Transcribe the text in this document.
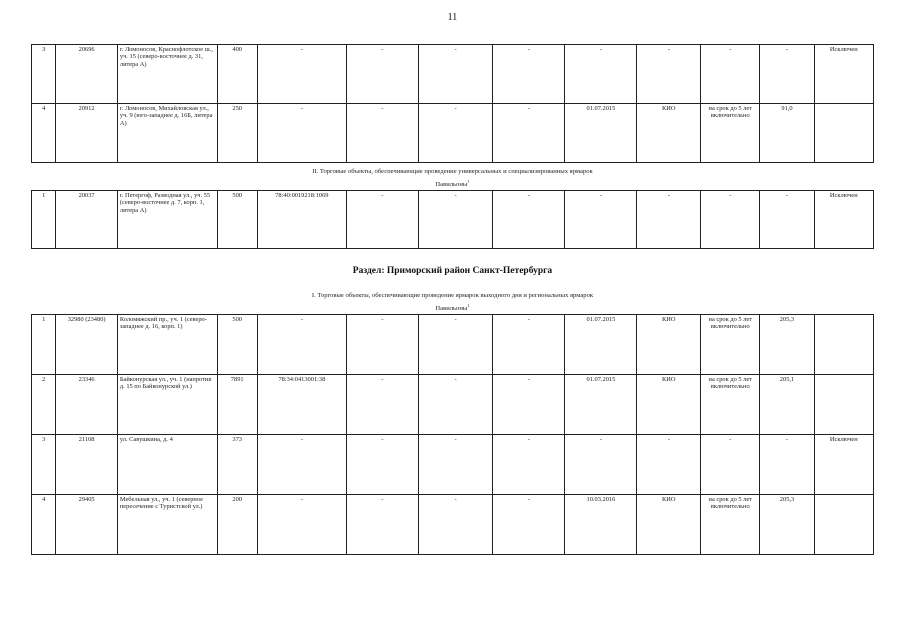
11
3	20696	г. Ломоносов, Краснофлотское ш., уч. 15 (северо-восточнее д. 31, литера А)	400	-	-	-	-	-	-	-	-	Исключен
4	20912	г. Ломоносов, Михайловская ул., уч. 9 (юго-западнее д. 16Б, литера А)	250	-	-	-	-	01.07.2015	КИО	на срок до 5 лет включительно	91,0	
II. Торговые объекты, обеспечивающие проведение универсальных и специализированных ярмарок
Павильоны$^1$
1	20037	г. Петергоф, Разводная ул., уч. 55 (северо-восточнее д. 7, корп. 1, литера А)	500	78:40:0019218:1069	-	-	-	-	-	-	-	Исключен
Раздел: Приморский район Санкт-Петербурга
I. Торговые объекты, обеспечивающие проведение ярмарок выходного дня и региональных ярмарок
Павильоны$^1$
1	32980 (23480)	Коломяжский пр., уч. 1 (северо-западнее д. 16, корп. 1)	500	-	-	-	-	01.07.2015	КИО	на срок до 5 лет включительно	205,3	
2	23346	Байконурская ул., уч. 1 (напротив д. 15 по Байконурской ул.)	7891	78:34:0413001:38	-	-	-	01.07.2015	КИО	на срок до 5 лет включительно	205,1	
3	21108	ул. Савушкина, д. 4	373	-	-	-	-	-	-	-	-	Исключен
4	29405	Мебельная ул., уч. 1 (северное пересечение с Туристской ул.)	200	-	-	-	-	10.03.2016	КИО	на срок до 5 лет включительно	205,3	
